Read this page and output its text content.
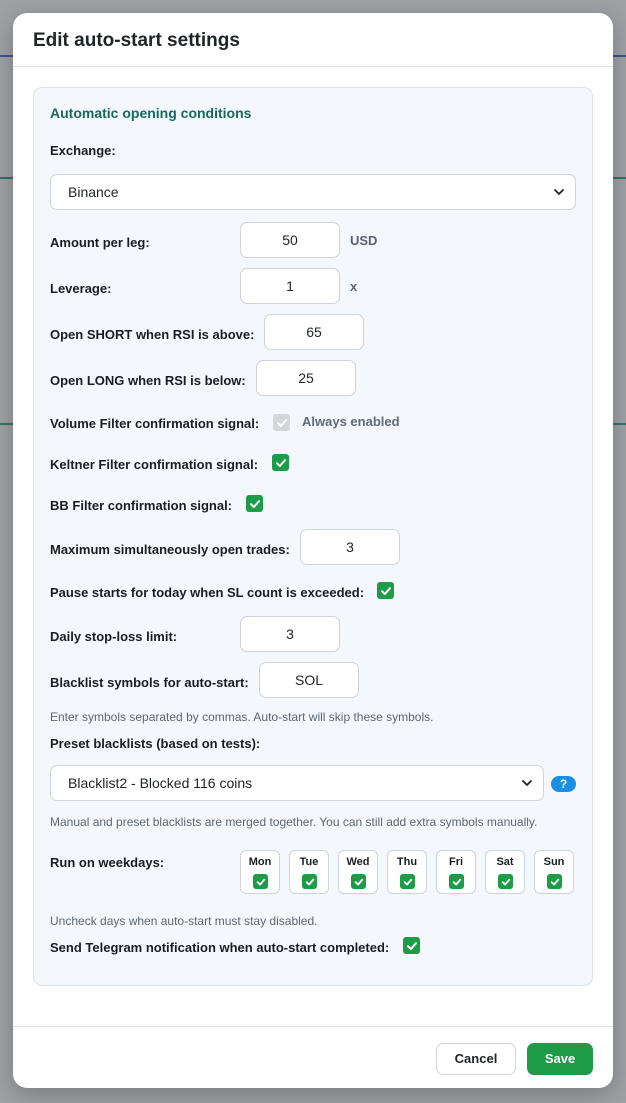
Edit auto-start settings
Automatic opening conditions
Exchange:
Binance
Amount per leg:	50	USD
Leverage:	1	x
Open SHORT when RSI is above:	65
Open LONG when RSI is below:	25
Volume Filter confirmation signal:	Always enabled
Keltner Filter confirmation signal:
BB Filter confirmation signal:
Maximum simultaneously open trades:	3
Pause starts for today when SL count is exceeded:
Daily stop-loss limit:	3
Blacklist symbols for auto-start:	SOL
Enter symbols separated by commas. Auto-start will skip these symbols.
Preset blacklists (based on tests):
Blacklist2 - Blocked 116 coins	?
Manual and preset blacklists are merged together. You can still add extra symbols manually.
Run on weekdays:	Mon	Tue	Wed	Thu	Fri	Sat	Sun
Uncheck days when auto-start must stay disabled.
Send Telegram notification when auto-start completed:
Cancel	Save
